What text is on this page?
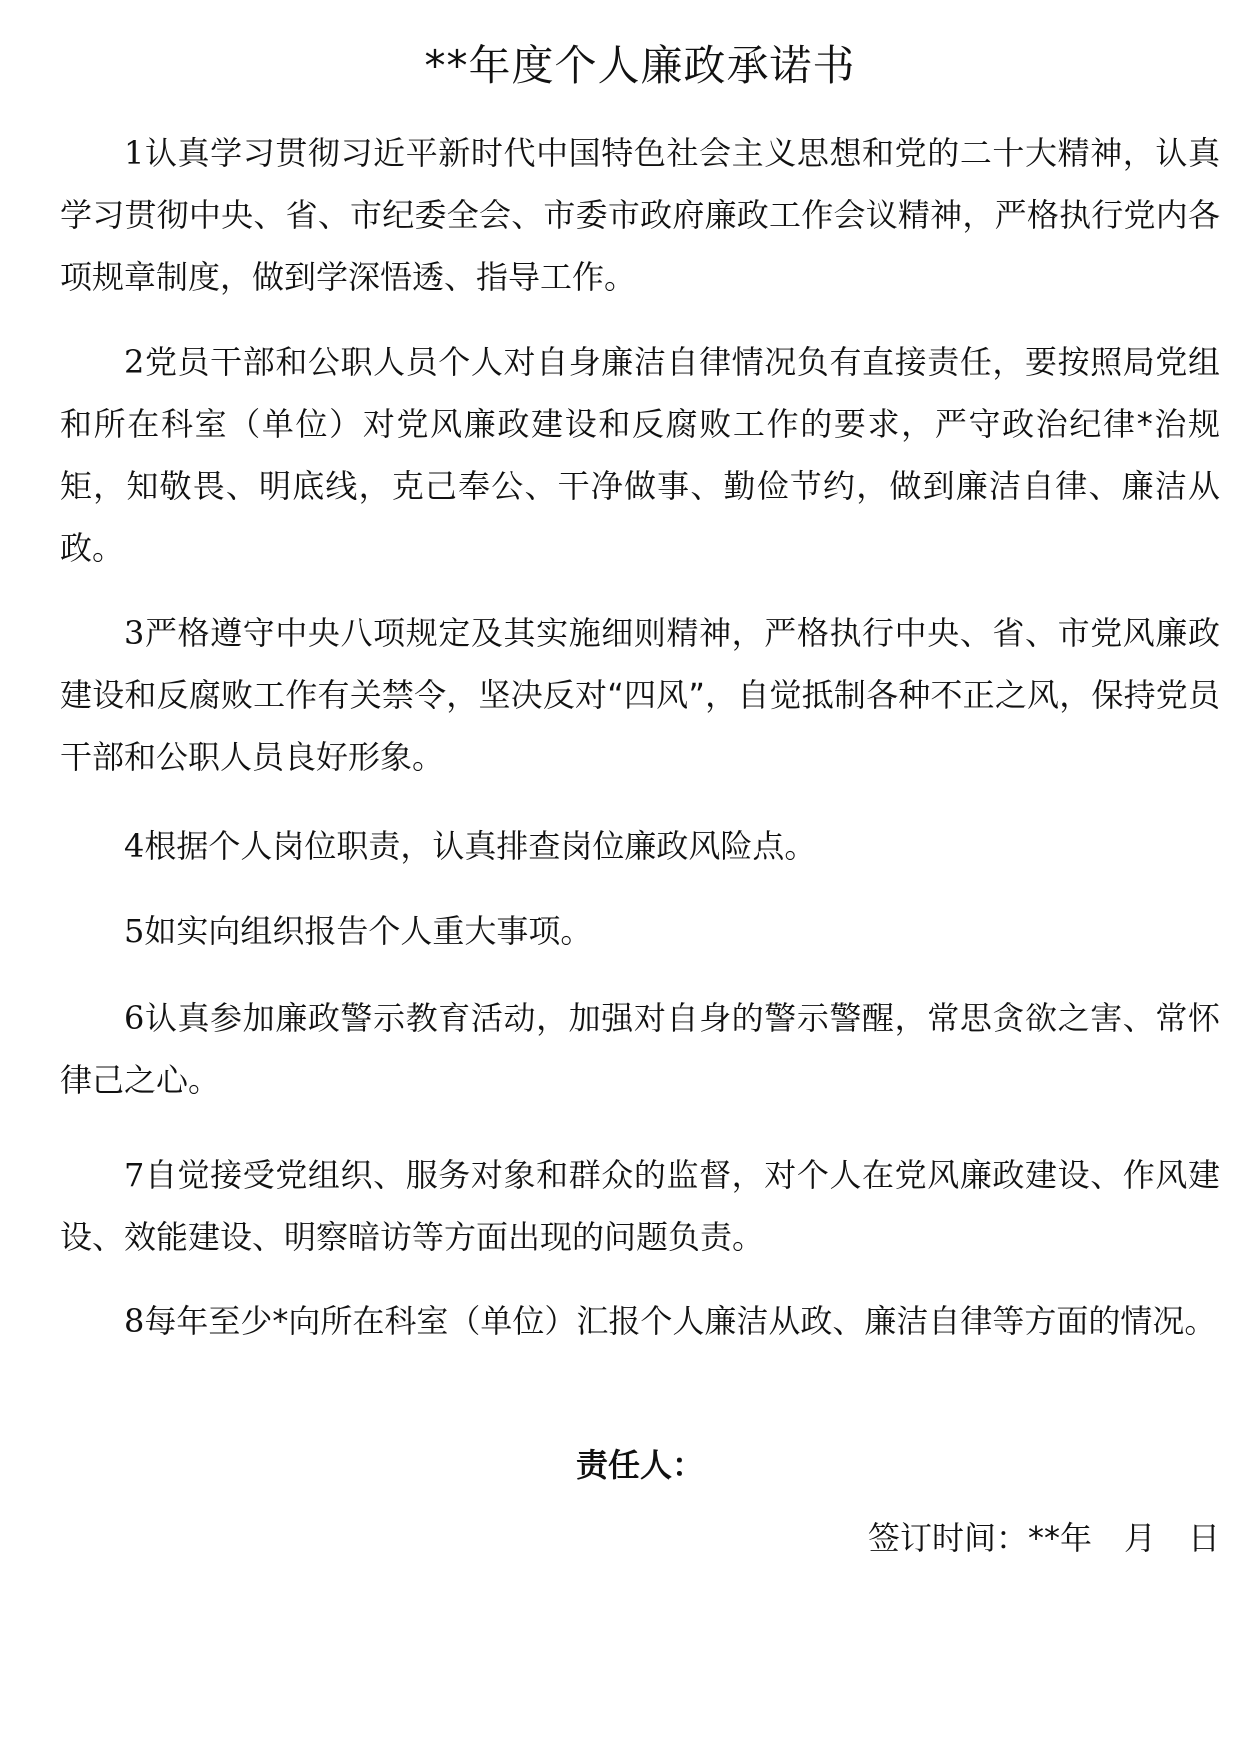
**年度个人廉政承诺书

1认真学习贯彻习近平新时代中国特色社会主义思想和党的二十大精神，认真学习贯彻中央、省、市纪委全会、市委市政府廉政工作会议精神，严格执行党内各项规章制度，做到学深悟透、指导工作。

2党员干部和公职人员个人对自身廉洁自律情况负有直接责任，要按照局党组和所在科室（单位）对党风廉政建设和反腐败工作的要求，严守政治纪律*治规矩，知敬畏、明底线，克己奉公、干净做事、勤俭节约，做到廉洁自律、廉洁从政。

3严格遵守中央八项规定及其实施细则精神，严格执行中央、省、市党风廉政建设和反腐败工作有关禁令，坚决反对“四风”，自觉抵制各种不正之风，保持党员干部和公职人员良好形象。

4根据个人岗位职责，认真排查岗位廉政风险点。

5如实向组织报告个人重大事项。

6认真参加廉政警示教育活动，加强对自身的警示警醒，常思贪欲之害、常怀律己之心。

7自觉接受党组织、服务对象和群众的监督，对个人在党风廉政建设、作风建设、效能建设、明察暗访等方面出现的问题负责。

8每年至少*向所在科室（单位）汇报个人廉洁从政、廉洁自律等方面的情况。

责任人：

签订时间：**年　月　日
